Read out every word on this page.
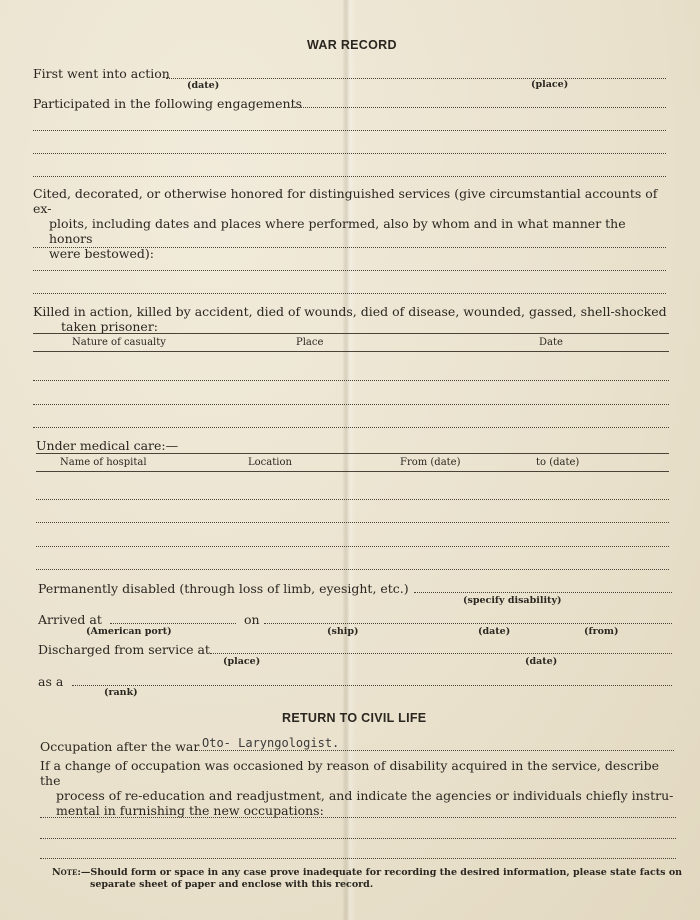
WAR RECORD
First went into action
(date)	(place)
Participated in the following engagements
Cited, decorated, or otherwise honored for distinguished services (give circumstantial accounts of ex-
ploits, including dates and places where performed, also by whom and in what manner the honors
were bestowed):
Killed in action, killed by accident, died of wounds, died of disease, wounded, gassed, shell-shocked
taken prisoner:
Nature of casualty	Place	Date
Under medical care:—
Name of hospital	Location	From (date)	to (date)
Permanently disabled (through loss of limb, eyesight, etc.)
(specify disability)
Arrived at	on
(American port)	(ship)	(date)	(from)
Discharged from service at
(place)	(date)
as a
(rank)
RETURN TO CIVIL LIFE
Occupation after the war Oto- Laryngologist.
If a change of occupation was occasioned by reason of disability acquired in the service, describe the
process of re-education and readjustment, and indicate the agencies or individuals chiefly instru-
mental in furnishing the new occupations:
Note:—Should form or space in any case prove inadequate for recording the desired information, please state facts on
separate sheet of paper and enclose with this record.
